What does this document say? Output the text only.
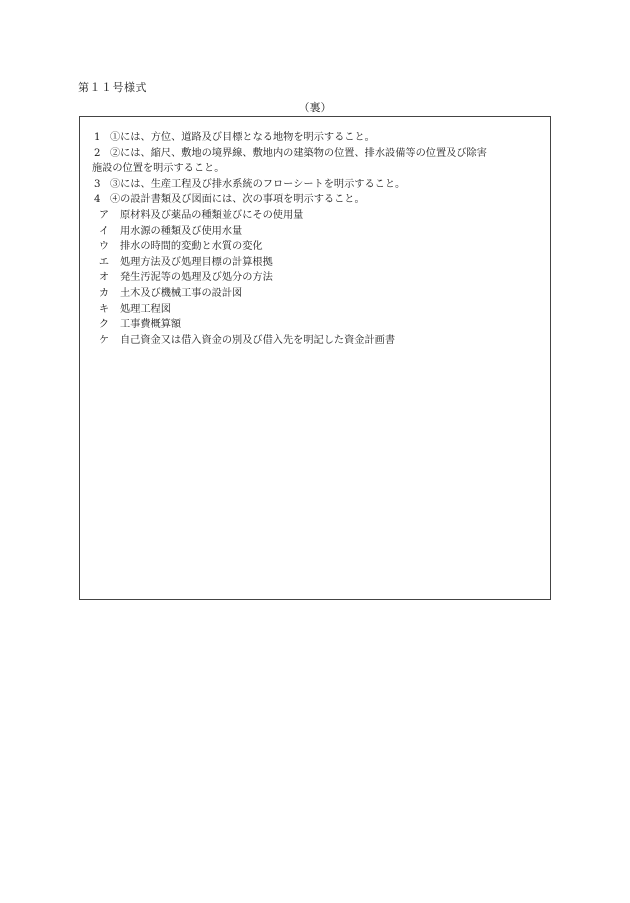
第１１号様式
（裏）
1 ①には、方位、道路及び目標となる地物を明示すること。
2 ②には、縮尺、敷地の境界線、敷地内の建築物の位置、排水設備等の位置及び除害
施設の位置を明示すること。
3 ③には、生産工程及び排水系統のフローシートを明示すること。
4 ④の設計書類及び図面には、次の事項を明示すること。
ア 原材料及び薬品の種類並びにその使用量
イ 用水源の種類及び使用水量
ウ 排水の時間的変動と水質の変化
エ 処理方法及び処理目標の計算根拠
オ 発生汚泥等の処理及び処分の方法
カ 土木及び機械工事の設計図
キ 処理工程図
ク 工事費概算額
ケ 自己資金又は借入資金の別及び借入先を明記した資金計画書
